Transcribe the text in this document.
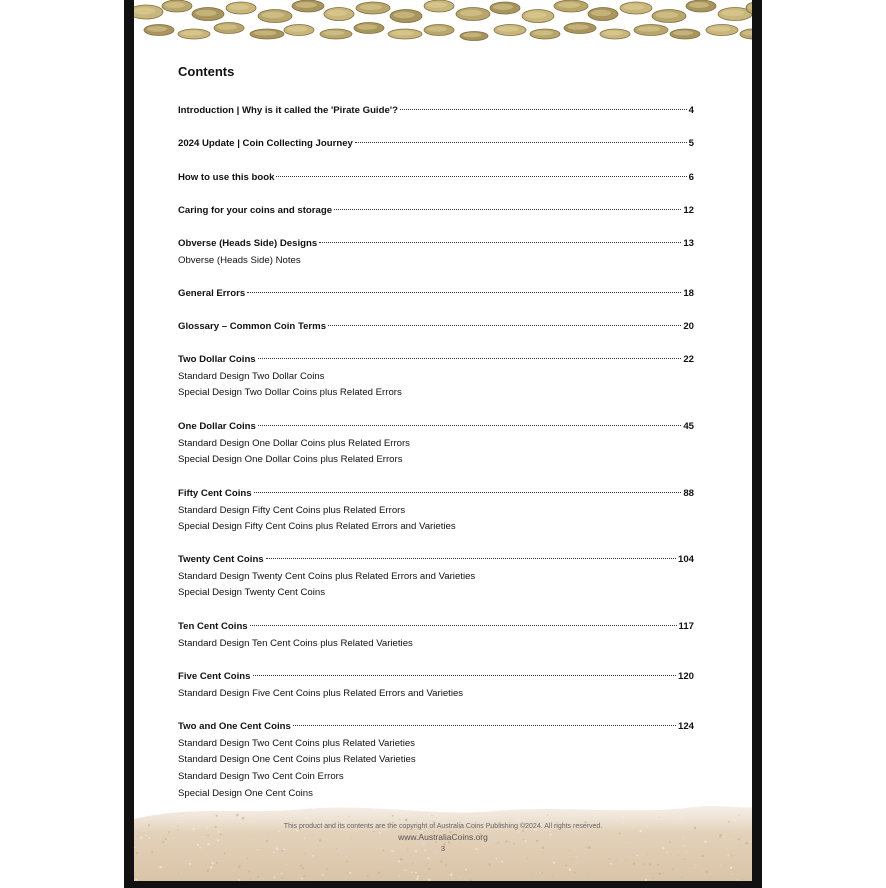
Contents
Introduction | Why is it called the 'Pirate Guide'?	4
2024 Update | Coin Collecting Journey	5
How to use this book	6
Caring for your coins and storage	12
Obverse (Heads Side) Designs	13
Obverse (Heads Side) Notes
General Errors	18
Glossary – Common Coin Terms	20
Two Dollar Coins	22
Standard Design Two Dollar Coins
Special Design Two Dollar Coins plus Related Errors
One Dollar Coins	45
Standard Design One Dollar Coins plus Related Errors
Special Design One Dollar Coins plus Related Errors
Fifty Cent Coins	88
Standard Design Fifty Cent Coins plus Related Errors
Special Design Fifty Cent Coins plus Related Errors and Varieties
Twenty Cent Coins	104
Standard Design Twenty Cent Coins plus Related Errors and Varieties
Special Design Twenty Cent Coins
Ten Cent Coins	117
Standard Design Ten Cent Coins plus Related Varieties
Five Cent Coins	120
Standard Design Five Cent Coins plus Related Errors and Varieties
Two and One Cent Coins	124
Standard Design Two Cent Coins plus Related Varieties
Standard Design One Cent Coins plus Related Varieties
Standard Design Two Cent Coin Errors
Special Design One Cent Coins
This product and its contents are the copyright of Australia Coins Publishing ©2024. All rights reserved.
www.AustraliaCoins.org
3
